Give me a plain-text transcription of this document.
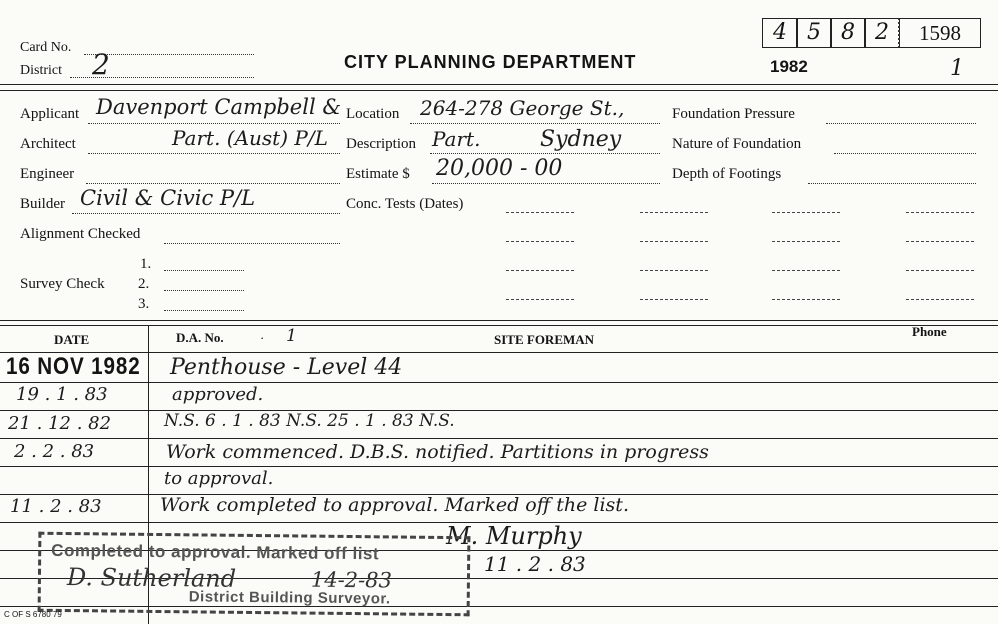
Card No.
District 2	CITY PLANNING DEPARTMENT	1982
4 5 8 2	1598
1
Applicant Davenport Campbell &
Architect	Part. (Aust) P/L
Engineer
Builder Civil & Civic P/L
Alignment Checked
Survey Check
1.
2.
3.
Location 264-278 George St.,
Description Part.	Sydney
Estimate $ 20,000 - 00
Conc. Tests (Dates)
Foundation Pressure
Nature of Foundation
Depth of Footings
DATE	D.A. No.	· 1	SITE FOREMAN
Phone
16 NOV 1982 Penthouse - Level 44
19 . 1 . 83	approved.
21 . 12 . 82	N.S. 6 . 1 . 83 N.S. 25 . 1 . 83 N.S.
2 . 2 . 83	Work commenced. D.B.S. notified. Partitions in progress
to approval.
11 . 2 . 83	Work completed to approval. Marked off the list.
M. Murphy
11 . 2 . 83
Completed to approval. Marked off list
D. Sutherland	14-2-83
District Building Surveyor.
C OF S 6780 79
